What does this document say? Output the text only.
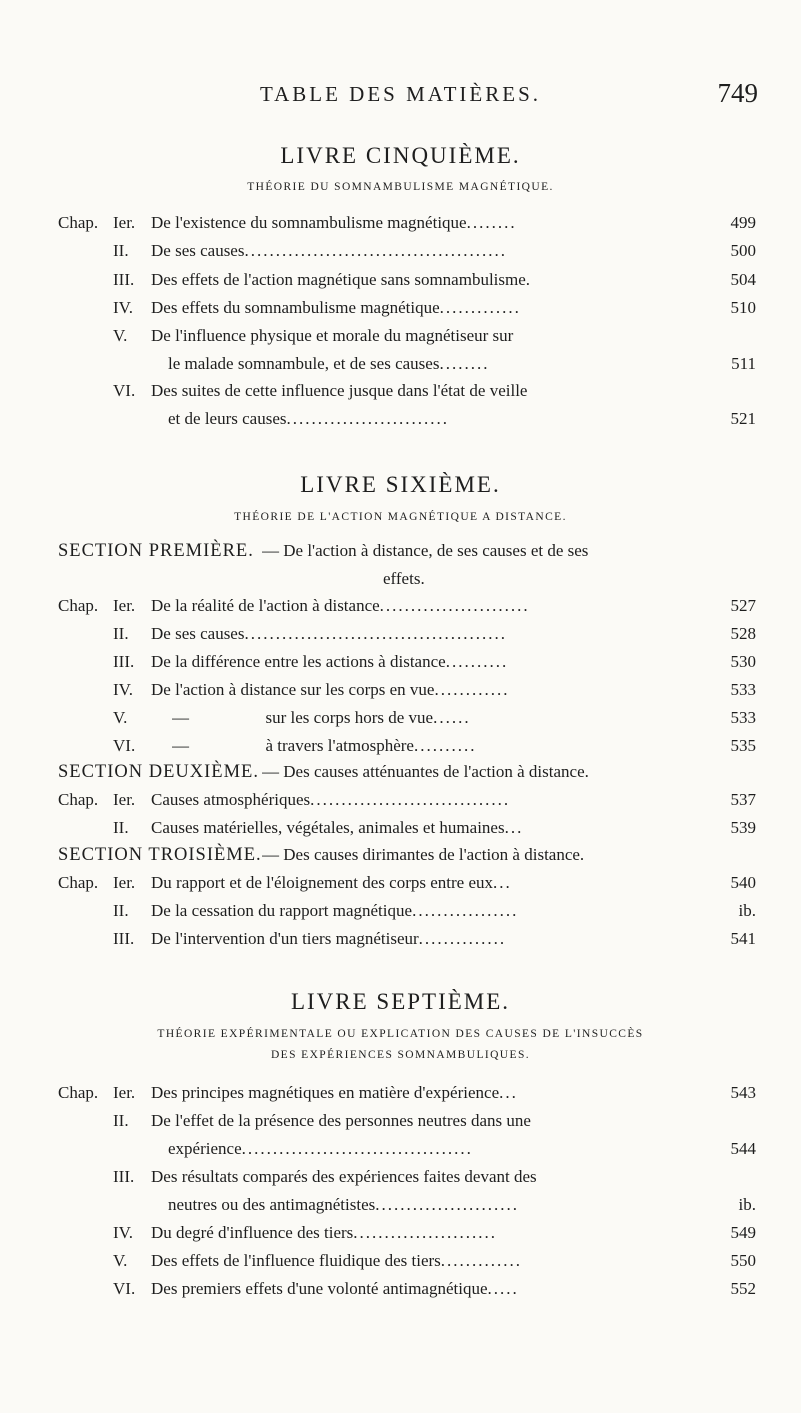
TABLE DES MATIÈRES.	749
LIVRE CINQUIÈME.
THÉORIE DU SOMNAMBULISME MAGNÉTIQUE.
Chap. Ier. De l'existence du somnambulisme magnétique........	499
II. De ses causes..........................................	500
III. Des effets de l'action magnétique sans somnambulisme.	504
IV. Des effets du somnambulisme magnétique.............	510
V. De l'influence physique et morale du magnétiseur sur
le malade somnambule, et de ses causes........	511
VI. Des suites de cette influence jusque dans l'état de veille
et de leurs causes..........................	521
LIVRE SIXIÈME.
THÉORIE DE L'ACTION MAGNÉTIQUE A DISTANCE.
SECTION PREMIÈRE. — De l'action à distance, de ses causes et de ses
effets.
Chap. Ier. De la réalité de l'action à distance........................	527
II. De ses causes..........................................	528
III. De la différence entre les actions à distance..........	530
IV. De l'action à distance sur les corps en vue............	533
V.	—                  sur les corps hors de vue......	533
VI. —                  à travers l'atmosphère..........	535
SECTION DEUXIÈME. — Des causes atténuantes de l'action à distance.
Chap. Ier. Causes atmosphériques................................	537
II. Causes matérielles, végétales, animales et humaines...	539
SECTION TROISIÈME. — Des causes dirimantes de l'action à distance.
Chap. Ier. Du rapport et de l'éloignement des corps entre eux...	540
II. De la cessation du rapport magnétique.................	ib.
III. De l'intervention d'un tiers magnétiseur..............	541
LIVRE SEPTIÈME.
THÉORIE EXPÉRIMENTALE OU EXPLICATION DES CAUSES DE L'INSUCCÈS
DES EXPÉRIENCES SOMNAMBULIQUES.
Chap. Ier. Des principes magnétiques en matière d'expérience...	543
II. De l'effet de la présence des personnes neutres dans une
expérience.....................................	544
III. Des résultats comparés des expériences faites devant des
neutres ou des antimagnétistes.......................	ib.
IV. Du degré d'influence des tiers.......................	549
V. Des effets de l'influence fluidique des tiers.............	550
VI. Des premiers effets d'une volonté antimagnétique.....	552
